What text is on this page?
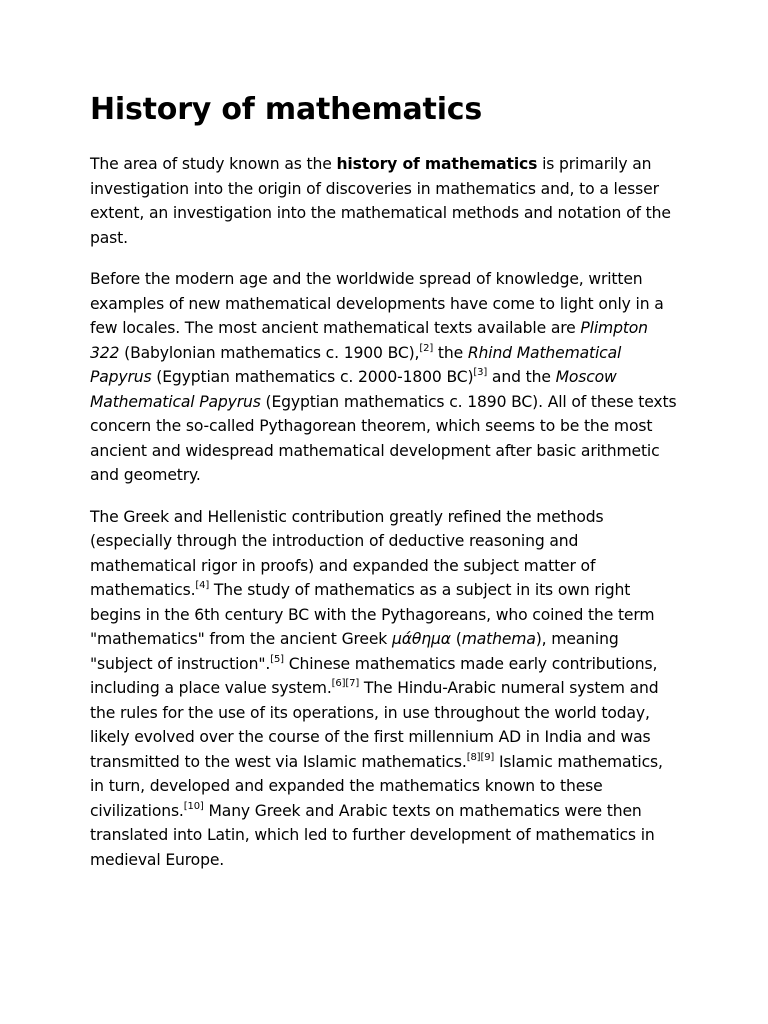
History of mathematics

The area of study known as the history of mathematics is primarily an investigation into the origin of discoveries in mathematics and, to a lesser extent, an investigation into the mathematical methods and notation of the past.

Before the modern age and the worldwide spread of knowledge, written examples of new mathematical developments have come to light only in a few locales. The most ancient mathematical texts available are Plimpton 322 (Babylonian mathematics c. 1900 BC),[2] the Rhind Mathematical Papyrus (Egyptian mathematics c. 2000-1800 BC)[3] and the Moscow Mathematical Papyrus (Egyptian mathematics c. 1890 BC). All of these texts concern the so-called Pythagorean theorem, which seems to be the most ancient and widespread mathematical development after basic arithmetic and geometry.

The Greek and Hellenistic contribution greatly refined the methods (especially through the introduction of deductive reasoning and mathematical rigor in proofs) and expanded the subject matter of mathematics.[4] The study of mathematics as a subject in its own right begins in the 6th century BC with the Pythagoreans, who coined the term "mathematics" from the ancient Greek μάθημα (mathema), meaning "subject of instruction".[5] Chinese mathematics made early contributions, including a place value system.[6][7] The Hindu-Arabic numeral system and the rules for the use of its operations, in use throughout the world today, likely evolved over the course of the first millennium AD in India and was transmitted to the west via Islamic mathematics.[8][9] Islamic mathematics, in turn, developed and expanded the mathematics known to these civilizations.[10] Many Greek and Arabic texts on mathematics were then translated into Latin, which led to further development of mathematics in medieval Europe.
